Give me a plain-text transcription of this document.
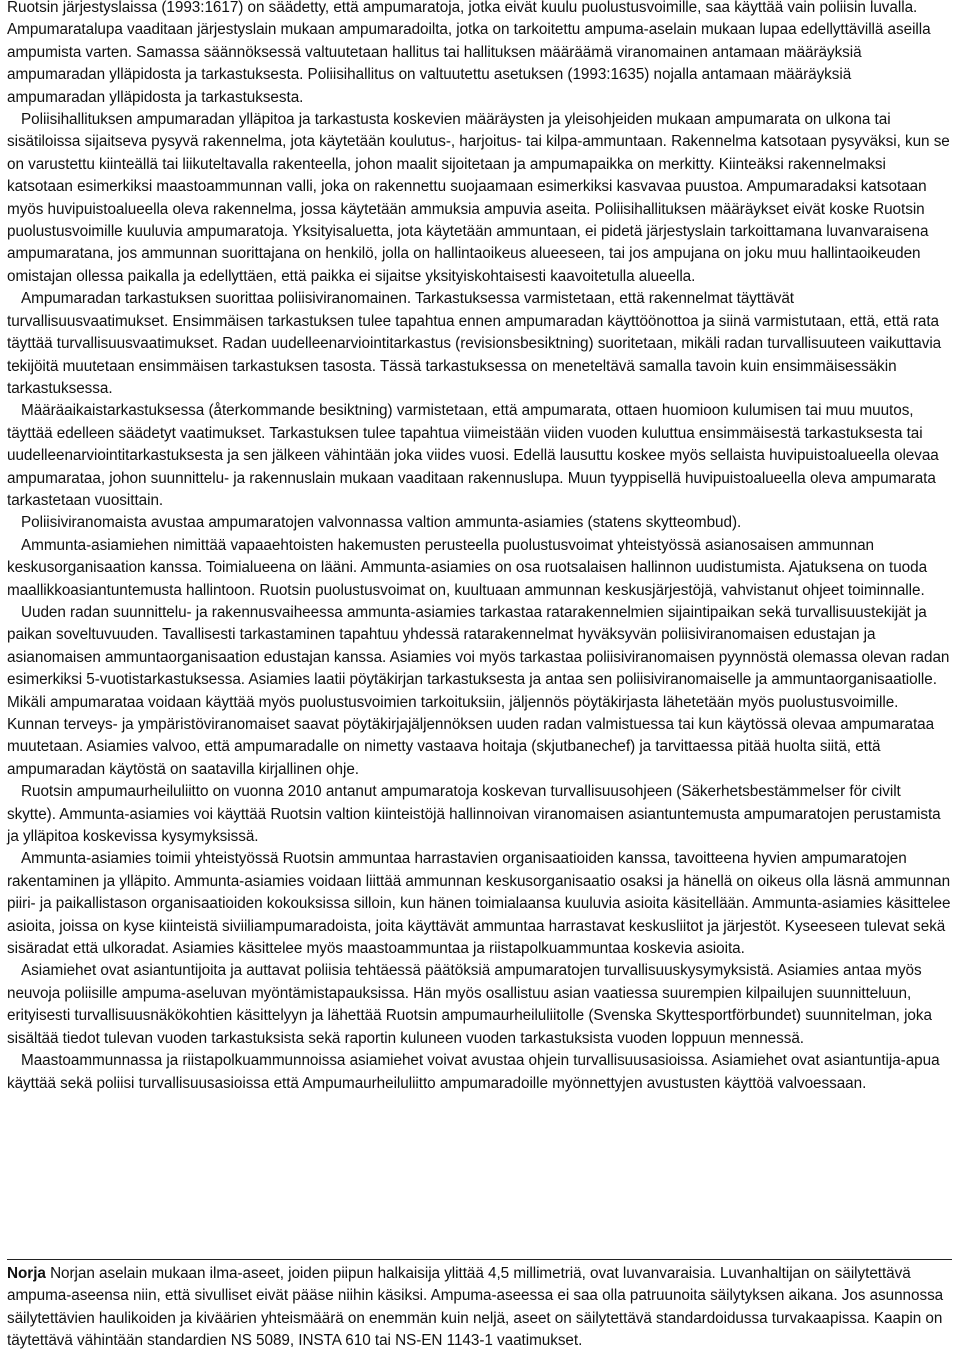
Ruotsin järjestyslaissa (1993:1617) on säädetty, että ampumaratoja, jotka eivät kuulu puolustusvoimille, saa käyttää vain poliisin luvalla. Ampumaratalupa vaaditaan järjestyslain mukaan ampumaradoilta, jotka on tarkoitettu ampuma-aselain mukaan lupaa edellyttävillä aseilla ampumista varten. Samassa säännöksessä valtuutetaan hallitus tai hallituksen määräämä viranomainen antamaan määräyksiä ampumaradan ylläpidosta ja tarkastuksesta. Poliisihallitus on valtuutettu asetuksen (1993:1635) nojalla antamaan määräyksiä ampumaradan ylläpidosta ja tarkastuksesta.

Poliisihallituksen ampumaradan ylläpitoa ja tarkastusta koskevien määräysten ja yleisohjeiden mukaan ampumarata on ulkona tai sisätiloissa sijaitseva pysyvä rakennelma, jota käytetään koulutus-, harjoitus- tai kilpa-ammuntaan. Rakennelma katsotaan pysyväksi, kun se on varustettu kiinteällä tai liikuteltavalla rakenteella, johon maalit sijoitetaan ja ampumapaikka on merkitty. Kiinteäksi rakennelmaksi katsotaan esimerkiksi maastoammunnan valli, joka on rakennettu suojaamaan esimerkiksi kasvavaa puustoa. Ampumaradaksi katsotaan myös huvipuistoalueella oleva rakennelma, jossa käytetään ammuksia ampuvia aseita. Poliisihallituksen määräykset eivät koske Ruotsin puolustusvoimille kuuluvia ampumaratoja. Yksityisaluetta, jota käytetään ammuntaan, ei pidetä järjestyslain tarkoittamana luvanvaraisena ampumaratana, jos ammunnan suorittajana on henkilö, jolla on hallintaoikeus alueeseen, tai jos ampujana on joku muu hallintaoikeuden omistajan ollessa paikalla ja edellyttäen, että paikka ei sijaitse yksityiskohtaisesti kaavoitetulla alueella.

Ampumaradan tarkastuksen suorittaa poliisiviranomainen. Tarkastuksessa varmistetaan, että rakennelmat täyttävät turvallisuusvaatimukset. Ensimmäisen tarkastuksen tulee tapahtua ennen ampumaradan käyttöönottoa ja siinä varmistutaan, että, että rata täyttää turvallisuusvaatimukset. Radan uudelleenarviointitarkastus (revisionsbesiktning) suoritetaan, mikäli radan turvallisuuteen vaikuttavia tekijöitä muutetaan ensimmäisen tarkastuksen tasosta. Tässä tarkastuksessa on meneteltävä samalla tavoin kuin ensimmäisessäkin tarkastuksessa.

Määräaikaistarkastuksessa (återkommande besiktning) varmistetaan, että ampumarata, ottaen huomioon kulumisen tai muu muutos, täyttää edelleen säädetyt vaatimukset. Tarkastuksen tulee tapahtua viimeistään viiden vuoden kuluttua ensimmäisestä tarkastuksesta tai uudelleenarviointitarkastuksesta ja sen jälkeen vähintään joka viides vuosi. Edellä lausuttu koskee myös sellaista huvipuistoalueella olevaa ampumarataa, johon suunnittelu- ja rakennuslain mukaan vaaditaan rakennuslupa. Muun tyyppisellä huvipuistoalueella oleva ampumarata tarkastetaan vuosittain.

Poliisiviranomaista avustaa ampumaratojen valvonnassa valtion ammunta-asiamies (statens skytteombud).

Ammunta-asiamiehen nimittää vapaaehtoisten hakemusten perusteella puolustusvoimat yhteistyössä asianosaisen ammunnan keskusorganisaation kanssa. Toimialueena on lääni. Ammunta-asiamies on osa ruotsalaisen hallinnon uudistumista. Ajatuksena on tuoda maallikkoasiantuntemusta hallintoon. Ruotsin puolustusvoimat on, kuultuaan ammunnan keskusjärjestöjä, vahvistanut ohjeet toiminnalle.

Uuden radan suunnittelu- ja rakennusvaiheessa ammunta-asiamies tarkastaa ratarakennelmien sijaintipaikan sekä turvallisuustekijät ja paikan soveltuvuuden. Tavallisesti tarkastaminen tapahtuu yhdessä ratarakennelmat hyväksyvän poliisiviranomaisen edustajan ja asianomaisen ammuntaorganisaation edustajan kanssa. Asiamies voi myös tarkastaa poliisiviranomaisen pyynnöstä olemassa olevan radan esimerkiksi 5-vuotistarkastuksessa. Asiamies laatii pöytäkirjan tarkastuksesta ja antaa sen poliisiviranomaiselle ja ammuntaorganisaatiolle. Mikäli ampumarataa voidaan käyttää myös puolustusvoimien tarkoituksiin, jäljennös pöytäkirjasta lähetetään myös puolustusvoimille. Kunnan terveys- ja ympäristöviranomaiset saavat pöytäkirjajäljennöksen uuden radan valmistuessa tai kun käytössä olevaa ampumarataa muutetaan. Asiamies valvoo, että ampumaradalle on nimetty vastaava hoitaja (skjutbanechef) ja tarvittaessa pitää huolta siitä, että ampumaradan käytöstä on saatavilla kirjallinen ohje.

Ruotsin ampumaurheiluliitto on vuonna 2010 antanut ampumaratoja koskevan turvallisuusohjeen (Säkerhetsbestämmelser för civilt skytte). Ammunta-asiamies voi käyttää Ruotsin valtion kiinteistöjä hallinnoivan viranomaisen asiantuntemusta ampumaratojen perustamista ja ylläpitoa koskevissa kysymyksissä.

Ammunta-asiamies toimii yhteistyössä Ruotsin ammuntaa harrastavien organisaatioiden kanssa, tavoitteena hyvien ampumaratojen rakentaminen ja ylläpito. Ammunta-asiamies voidaan liittää ammunnan keskusorganisaatio osaksi ja hänellä on oikeus olla läsnä ammunnan piiri- ja paikallistason organisaatioiden kokouksissa silloin, kun hänen toimialaansa kuuluvia asioita käsitellään. Ammunta-asiamies käsittelee asioita, joissa on kyse kiinteistä siviiliampumaradoista, joita käyttävät ammuntaa harrastavat keskusliitot ja järjestöt. Kyseeseen tulevat sekä sisäradat että ulkoradat. Asiamies käsittelee myös maastoammuntaa ja riistapolkuammuntaa koskevia asioita.

Asiamiehet ovat asiantuntijoita ja auttavat poliisia tehtäessä päätöksiä ampumaratojen turvallisuuskysymyksistä. Asiamies antaa myös neuvoja poliisille ampuma-aseluvan myöntämistapauksissa. Hän myös osallistuu asian vaatiessa suurempien kilpailujen suunnitteluun, erityisesti turvallisuusnäkökohtien käsittelyyn ja lähettää Ruotsin ampumaurheiluliitolle (Svenska Skyttesportförbundet) suunnitelman, joka sisältää tiedot tulevan vuoden tarkastuksista sekä raportin kuluneen vuoden tarkastuksista vuoden loppuun mennessä.

Maastoammunnassa ja riistapolkuammunnoissa asiamiehet voivat avustaa ohjein turvallisuusasioissa. Asiamiehet ovat asiantuntija-apua käyttää sekä poliisi turvallisuusasioissa että Ampumaurheiluliitto ampumaradoille myönnettyjen avustusten käyttöä valvoessaan.

Norja Norjan aselain mukaan ilma-aseet, joiden piipun halkaisija ylittää 4,5 millimetriä, ovat luvanvaraisia. Luvanhaltijan on säilytettävä ampuma-aseensa niin, että sivulliset eivät pääse niihin käsiksi. Ampuma-aseessa ei saa olla patruunoita säilytyksen aikana. Jos asunnossa säilytettävien haulikoiden ja kiväärien yhteismäärä on enemmän kuin neljä, aseet on säilytettävä standardoidussa turvakaapissa. Kaapin on täytettävä vähintään standardien NS 5089, INSTA 610 tai NS-EN 1143-1 vaatimukset.
